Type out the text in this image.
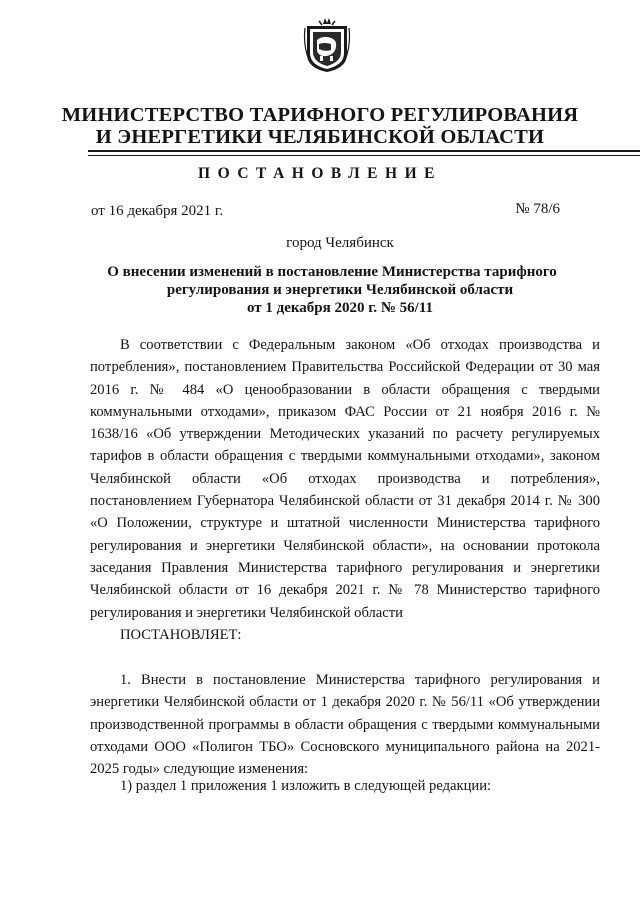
МИНИСТЕРСТВО ТАРИФНОГО РЕГУЛИРОВАНИЯ
И ЭНЕРГЕТИКИ ЧЕЛЯБИНСКОЙ ОБЛАСТИ
ПОСТАНОВЛЕНИЕ
от 16 декабря 2021 г.	№ 78/6
город Челябинск
О внесении изменений в постановление Министерства тарифного
регулирования и энергетики Челябинской области
от 1 декабря 2020 г. № 56/11

В соответствии с Федеральным законом «Об отходах производства и потребления», постановлением Правительства Российской Федерации от 30 мая 2016 г. № 484 «О ценообразовании в области обращения с твердыми коммунальными отходами», приказом ФАС России от 21 ноября 2016 г. № 1638/16 «Об утверждении Методических указаний по расчету регулируемых тарифов в области обращения с твердыми коммунальными отходами», законом Челябинской области «Об отходах производства и потребления», постановлением Губернатора Челябинской области от 31 декабря 2014 г. № 300 «О Положении, структуре и штатной численности Министерства тарифного регулирования и энергетики Челябинской области», на основании протокола заседания Правления Министерства тарифного регулирования и энергетики Челябинской области от 16 декабря 2021 г. № 78 Министерство тарифного регулирования и энергетики Челябинской области

ПОСТАНОВЛЯЕТ:

1. Внести в постановление Министерства тарифного регулирования и энергетики Челябинской области от 1 декабря 2020 г. № 56/11 «Об утверждении производственной программы в области обращения с твердыми коммунальными отходами ООО «Полигон ТБО» Сосновского муниципального района на 2021-2025 годы» следующие изменения:

1) раздел 1 приложения 1 изложить в следующей редакции:
